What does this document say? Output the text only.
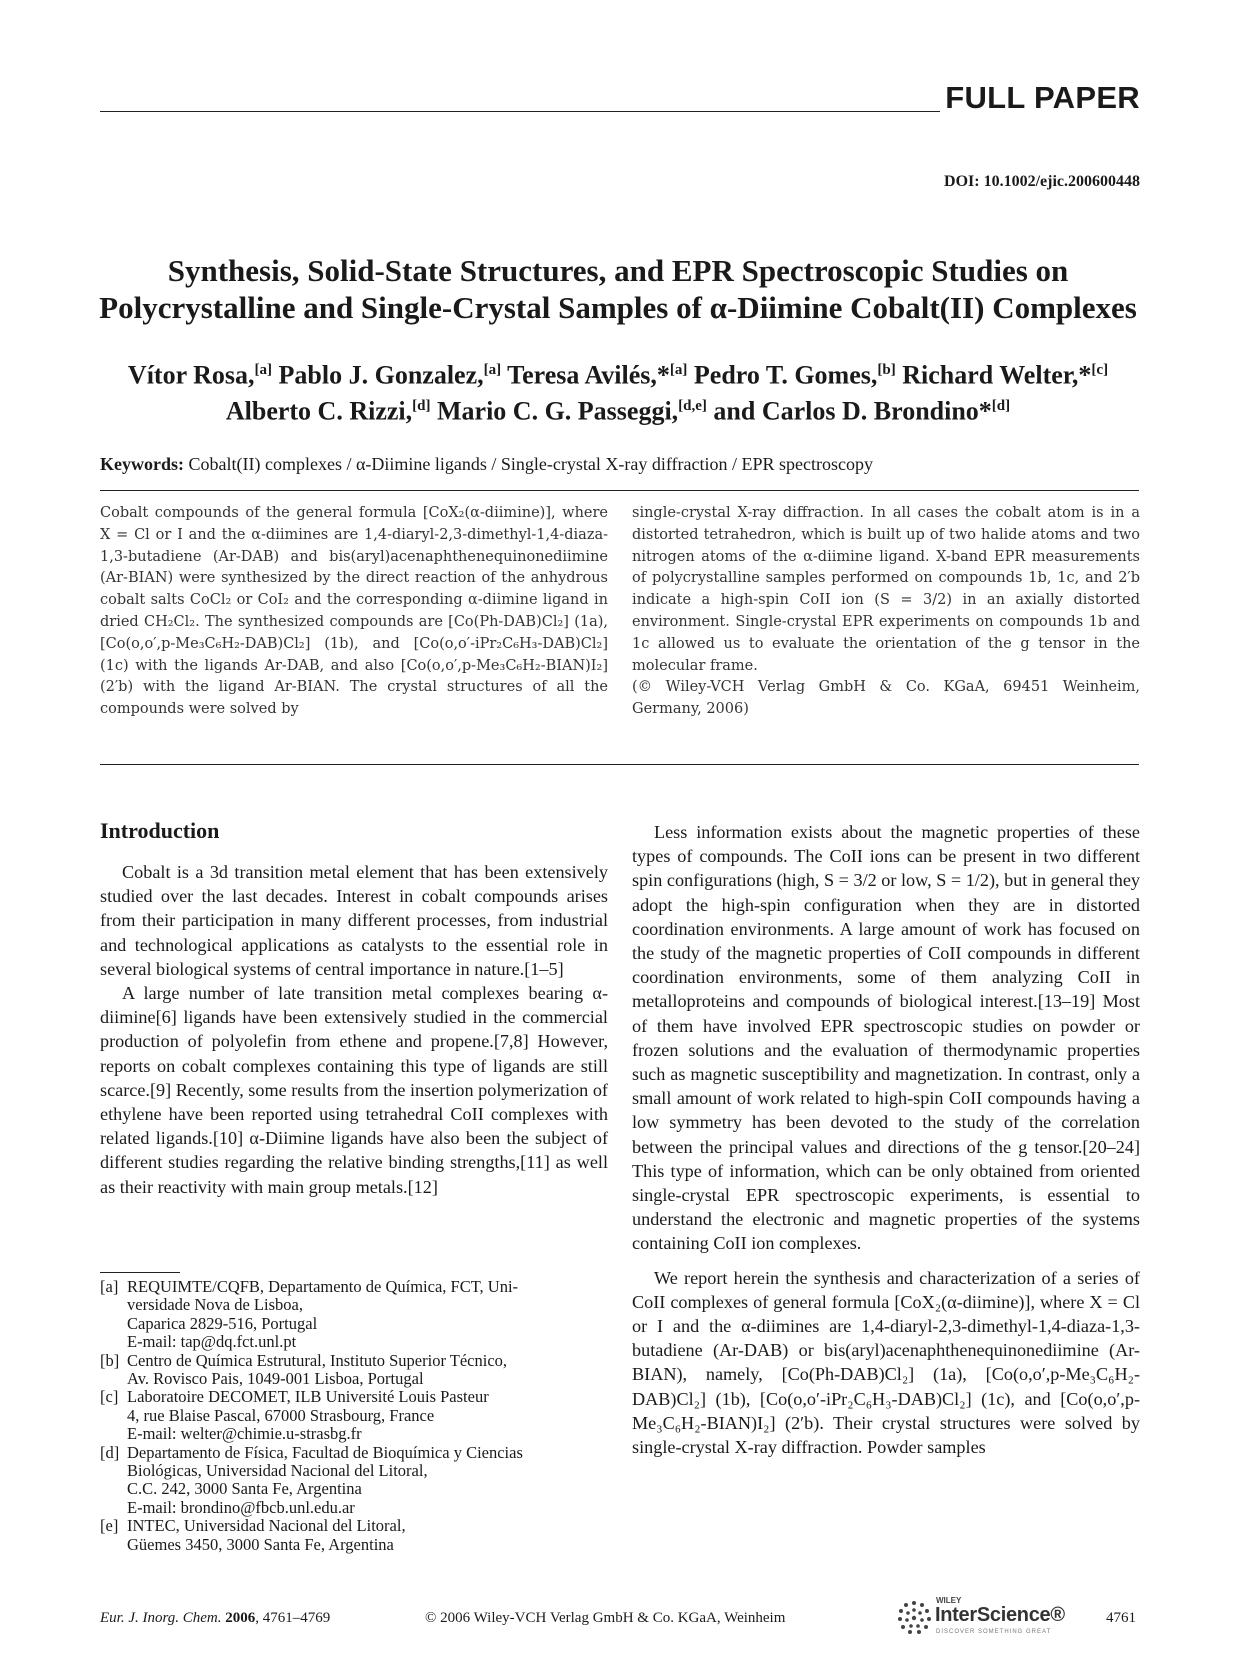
FULL PAPER
DOI: 10.1002/ejic.200600448
Synthesis, Solid-State Structures, and EPR Spectroscopic Studies on
Polycrystalline and Single-Crystal Samples of α-Diimine Cobalt(II) Complexes
Vítor Rosa,[a] Pablo J. Gonzalez,[a] Teresa Avilés,*[a] Pedro T. Gomes,[b] Richard Welter,*[c]
Alberto C. Rizzi,[d] Mario C. G. Passeggi,[d,e] and Carlos D. Brondino*[d]
Keywords: Cobalt(II) complexes / α-Diimine ligands / Single-crystal X-ray diffraction / EPR spectroscopy

Cobalt compounds of the general formula [CoX₂(α-diimine)], where X = Cl or I and the α-diimines are 1,4-diaryl-2,3-dimethyl-1,4-diaza-1,3-butadiene (Ar-DAB) and bis(aryl)acenaphthenequinonediimine (Ar-BIAN) were synthesized by the direct reaction of the anhydrous cobalt salts CoCl₂ or CoI₂ and the corresponding α-diimine ligand in dried CH₂Cl₂. The synthesized compounds are [Co(Ph-DAB)Cl₂] (1a), [Co(o,o′,p-Me₃C₆H₂-DAB)Cl₂] (1b), and [Co(o,o′-iPr₂C₆H₃-DAB)Cl₂] (1c) with the ligands Ar-DAB, and also [Co(o,o′,p-Me₃C₆H₂-BIAN)I₂] (2′b) with the ligand Ar-BIAN. The crystal structures of all the compounds were solved by

single-crystal X-ray diffraction. In all cases the cobalt atom is in a distorted tetrahedron, which is built up of two halide atoms and two nitrogen atoms of the α-diimine ligand. X-band EPR measurements of polycrystalline samples performed on compounds 1b, 1c, and 2′b indicate a high-spin CoII ion (S = 3/2) in an axially distorted environment. Single-crystal EPR experiments on compounds 1b and 1c allowed us to evaluate the orientation of the g tensor in the molecular frame.

(© Wiley-VCH Verlag GmbH & Co. KGaA, 69451 Weinheim, Germany, 2006)

Introduction

Cobalt is a 3d transition metal element that has been extensively studied over the last decades. Interest in cobalt compounds arises from their participation in many different processes, from industrial and technological applications as catalysts to the essential role in several biological systems of central importance in nature.[1–5]

A large number of late transition metal complexes bearing α-diimine[6] ligands have been extensively studied in the commercial production of polyolefin from ethene and propene.[7,8] However, reports on cobalt complexes containing this type of ligands are still scarce.[9] Recently, some results from the insertion polymerization of ethylene have been reported using tetrahedral CoII complexes with related ligands.[10] α-Diimine ligands have also been the subject of different studies regarding the relative binding strengths,[11] as well as their reactivity with main group metals.[12]

Less information exists about the magnetic properties of these types of compounds. The CoII ions can be present in two different spin configurations (high, S = 3/2 or low, S = 1/2), but in general they adopt the high-spin configuration when they are in distorted coordination environments. A large amount of work has focused on the study of the magnetic properties of CoII compounds in different coordination environments, some of them analyzing CoII in metalloproteins and compounds of biological interest.[13–19] Most of them have involved EPR spectroscopic studies on powder or frozen solutions and the evaluation of thermodynamic properties such as magnetic susceptibility and magnetization. In contrast, only a small amount of work related to high-spin CoII compounds having a low symmetry has been devoted to the study of the correlation between the principal values and directions of the g tensor.[20–24] This type of information, which can be only obtained from oriented single-crystal EPR spectroscopic experiments, is essential to understand the electronic and magnetic properties of the systems containing CoII ion complexes.

We report herein the synthesis and characterization of a series of CoII complexes of general formula [CoX₂(α-diimine)], where X = Cl or I and the α-diimines are 1,4-diaryl-2,3-dimethyl-1,4-diaza-1,3-butadiene (Ar-DAB) or bis(aryl)acenaphthenequinonediimine (Ar-BIAN), namely, [Co(Ph-DAB)Cl₂] (1a), [Co(o,o′,p-Me₃C₆H₂-DAB)Cl₂] (1b), [Co(o,o′-iPr₂C₆H₃-DAB)Cl₂] (1c), and [Co(o,o′,p-Me₃C₆H₂-BIAN)I₂] (2′b). Their crystal structures were solved by single-crystal X-ray diffraction. Powder samples

[a] REQUIMTE/CQFB, Departamento de Química, FCT, Uni-
versidade Nova de Lisboa,
Caparica 2829-516, Portugal
E-mail: tap@dq.fct.unl.pt
[b] Centro de Química Estrutural, Instituto Superior Técnico,
Av. Rovisco Pais, 1049-001 Lisboa, Portugal
[c] Laboratoire DECOMET, ILB Université Louis Pasteur
4, rue Blaise Pascal, 67000 Strasbourg, France
E-mail: welter@chimie.u-strasbg.fr
[d] Departamento de Física, Facultad de Bioquímica y Ciencias
Biológicas, Universidad Nacional del Litoral,
C.C. 242, 3000 Santa Fe, Argentina
E-mail: brondino@fbcb.unl.edu.ar
[e] INTEC, Universidad Nacional del Litoral,
Güemes 3450, 3000 Santa Fe, Argentina
Eur. J. Inorg. Chem. 2006, 4761–4769	© 2006 Wiley-VCH Verlag GmbH & Co. KGaA, Weinheim
WILEY
InterScience®
DISCOVER SOMETHING GREAT
4761
